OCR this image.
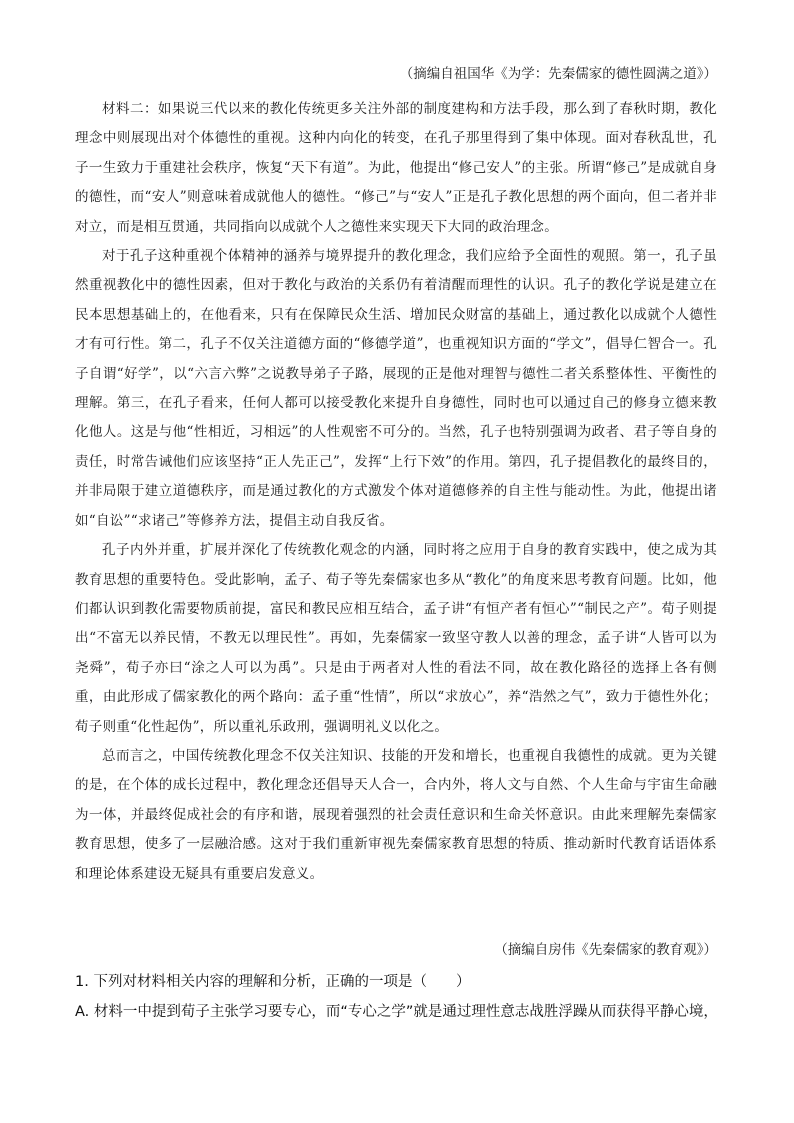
（摘编自祖国华《为学：先秦儒家的德性圆满之道》）

材料二：如果说三代以来的教化传统更多关注外部的制度建构和方法手段，那么到了春秋时期，教化理念中则展现出对个体德性的重视。这种内向化的转变，在孔子那里得到了集中体现。面对春秋乱世，孔子一生致力于重建社会秩序，恢复“天下有道”。为此，他提出“修己安人”的主张。所谓“修己”是成就自身的德性，而“安人”则意味着成就他人的德性。“修己”与“安人”正是孔子教化思想的两个面向，但二者并非对立，而是相互贯通，共同指向以成就个人之德性来实现天下大同的政治理念。

对于孔子这种重视个体精神的涵养与境界提升的教化理念，我们应给予全面性的观照。第一，孔子虽然重视教化中的德性因素，但对于教化与政治的关系仍有着清醒而理性的认识。孔子的教化学说是建立在民本思想基础上的，在他看来，只有在保障民众生活、增加民众财富的基础上，通过教化以成就个人德性才有可行性。第二，孔子不仅关注道德方面的“修德学道”，也重视知识方面的“学文”，倡导仁智合一。孔子自谓“好学”，以“六言六弊”之说教导弟子子路，展现的正是他对理智与德性二者关系整体性、平衡性的理解。第三，在孔子看来，任何人都可以接受教化来提升自身德性，同时也可以通过自己的修身立德来教化他人。这是与他“性相近，习相远”的人性观密不可分的。当然，孔子也特别强调为政者、君子等自身的责任，时常告诫他们应该坚持“正人先正己”，发挥“上行下效”的作用。第四，孔子提倡教化的最终目的，并非局限于建立道德秩序，而是通过教化的方式激发个体对道德修养的自主性与能动性。为此，他提出诸如“自讼”“求诸己”等修养方法，提倡主动自我反省。

孔子内外并重，扩展并深化了传统教化观念的内涵，同时将之应用于自身的教育实践中，使之成为其教育思想的重要特色。受此影响，孟子、荀子等先秦儒家也多从“教化”的角度来思考教育问题。比如，他们都认识到教化需要物质前提，富民和教民应相互结合，孟子讲“有恒产者有恒心”“制民之产”。荀子则提出“不富无以养民情，不教无以理民性”。再如，先秦儒家一致坚守教人以善的理念，孟子讲“人皆可以为尧舜”，荀子亦曰“涂之人可以为禹”。只是由于两者对人性的看法不同，故在教化路径的选择上各有侧重，由此形成了儒家教化的两个路向：孟子重“性情”，所以“求放心”，养“浩然之气”，致力于德性外化；荀子则重“化性起伪”，所以重礼乐政刑，强调明礼义以化之。

总而言之，中国传统教化理念不仅关注知识、技能的开发和增长，也重视自我德性的成就。更为关键的是，在个体的成长过程中，教化理念还倡导天人合一，合内外，将人文与自然、个人生命与宇宙生命融为一体，并最终促成社会的有序和谐，展现着强烈的社会责任意识和生命关怀意识。由此来理解先秦儒家教育思想，使多了一层融洽感。这对于我们重新审视先秦儒家教育思想的特质、推动新时代教育话语体系和理论体系建设无疑具有重要启发意义。

（摘编自房伟《先秦儒家的教育观》）
1. 下列对材料相关内容的理解和分析，正确的一项是（　　）
A. 材料一中提到荀子主张学习要专心，而“专心之学”就是通过理性意志战胜浮躁从而获得平静心境，
